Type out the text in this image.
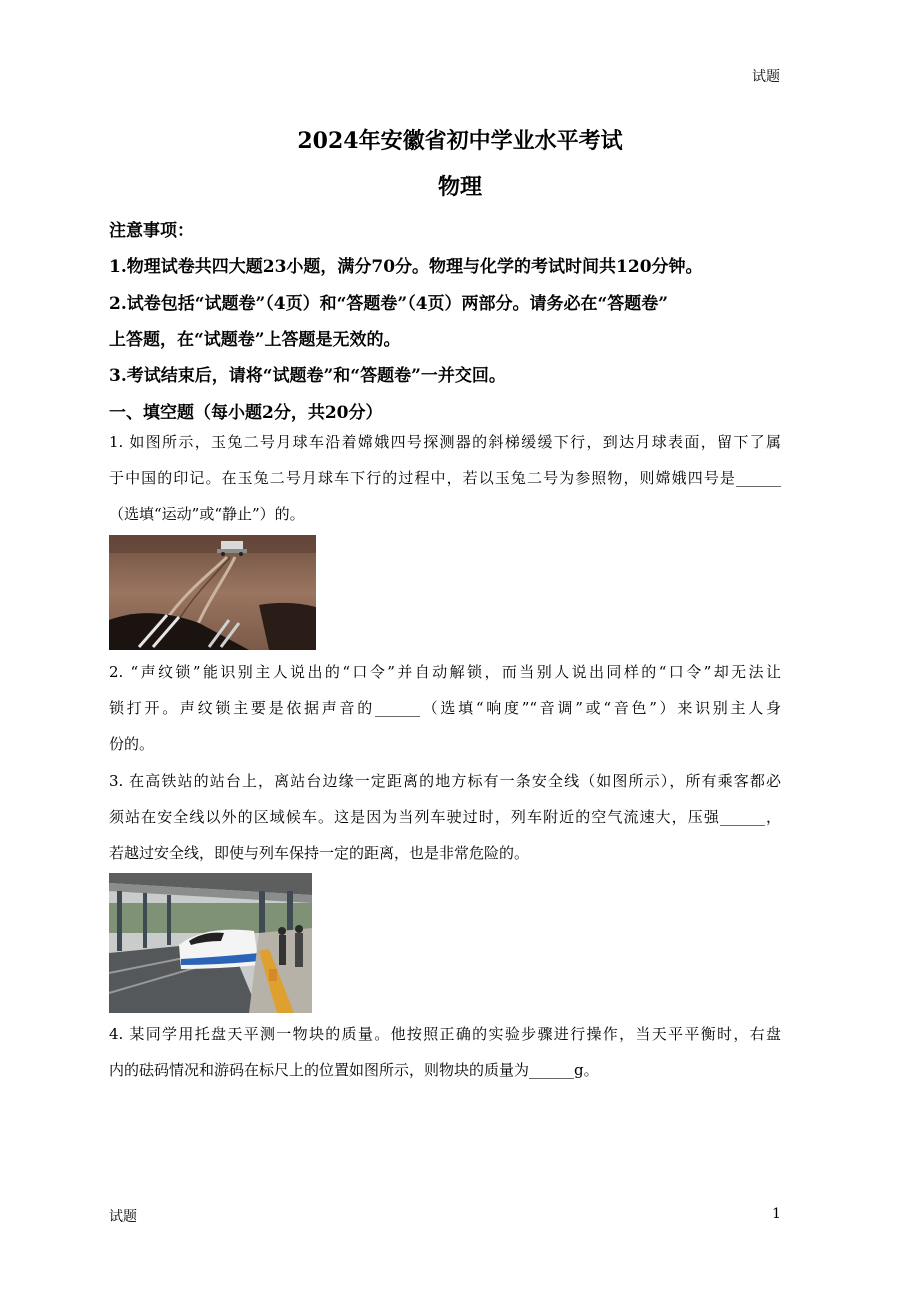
试题
2024年安徽省初中学业水平考试
物理
注意事项：
1.物理试卷共四大题23小题，满分70分。物理与化学的考试时间共120分钟。
2.试卷包括“试题卷”（4页）和“答题卷”（4页）两部分。请务必在“答题卷”
上答题，在“试题卷”上答题是无效的。
3.考试结束后，请将“试题卷”和“答题卷”一并交回。
一、填空题（每小题2分，共20分）
1. 如图所示，玉兔二号月球车沿着嫦娥四号探测器的斜梯缓缓下行，到达月球表面，留下了属
于中国的印记。在玉兔二号月球车下行的过程中，若以玉兔二号为参照物，则嫦娥四号是______
（选填“运动”或“静止”）的。
2. “声纹锁”能识别主人说出的“口令”并自动解锁，而当别人说出同样的“口令”却无法让
锁打开。声纹锁主要是依据声音的______（选填“响度”“音调”或“音色”）来识别主人身
份的。
3. 在高铁站的站台上，离站台边缘一定距离的地方标有一条安全线（如图所示），所有乘客都必
须站在安全线以外的区域候车。这是因为当列车驶过时，列车附近的空气流速大，压强______，
若越过安全线，即使与列车保持一定的距离，也是非常危险的。
4. 某同学用托盘天平测一物块的质量。他按照正确的实验步骤进行操作，当天平平衡时，右盘
内的砝码情况和游码在标尺上的位置如图所示，则物块的质量为______g。
试题	1
